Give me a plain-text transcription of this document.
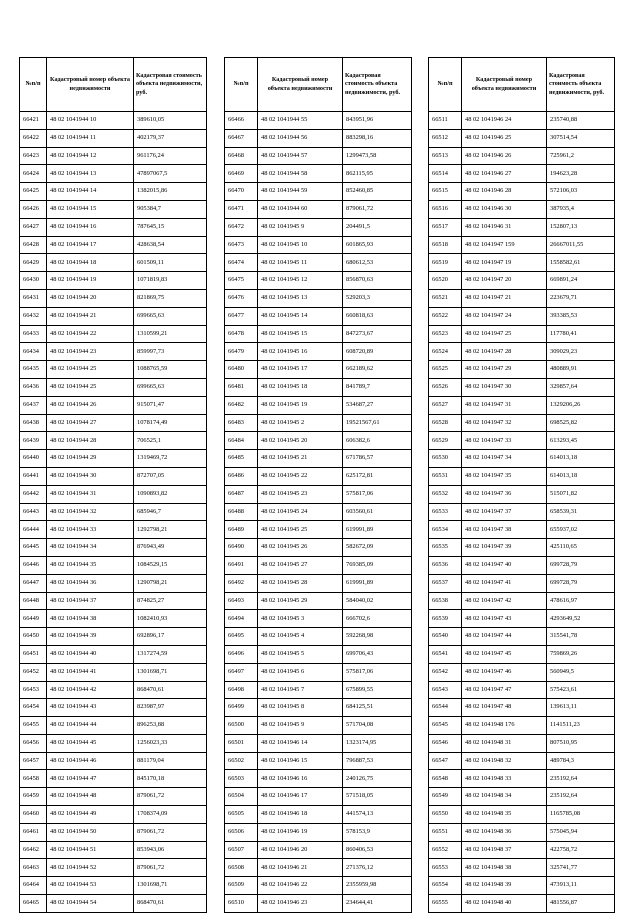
№п/п	Кадастровый номер объекта недвижимости	Кадастровая стоимость объекта недвижимости, руб.
66421	48 02 1041944 10	389610,05
66422	48 02 1041944 11	402179,37
66423	48 02 1041944 12	961176,24
66424	48 02 1041944 13	47897067,5
66425	48 02 1041944 14	1382015,86
66426	48 02 1041944 15	905384,7
66427	48 02 1041944 16	787645,15
66428	48 02 1041944 17	428638,54
66429	48 02 1041944 18	601509,11
66430	48 02 1041944 19	1071819,83
66431	48 02 1041944 20	821869,75
66432	48 02 1041944 21	699665,63
66433	48 02 1041944 22	1310599,21
66434	48 02 1041944 23	859997,73
66435	48 02 1041944 25	1088765,59
66436	48 02 1041944 25	699665,63
66437	48 02 1041944 26	915071,47
66438	48 02 1041944 27	1078174,49
66439	48 02 1041944 28	706525,1
66440	48 02 1041944 29	1319469,72
66441	48 02 1041944 30	872707,05
66442	48 02 1041944 31	1090893,82
66443	48 02 1041944 32	685946,7
66444	48 02 1041944 33	1292798,21
66445	48 02 1041944 34	876943,49
66446	48 02 1041944 35	1084529,15
66447	48 02 1041944 36	1290798,21
66448	48 02 1041944 37	874825,27
66449	48 02 1041944 38	1082410,93
66450	48 02 1041944 39	692896,17
66451	48 02 1041944 40	1317274,59
66452	48 02 1041944 41	1301698,71
66453	48 02 1041944 42	868470,61
66454	48 02 1041944 43	823987,97
66455	48 02 1041944 44	896253,88
66456	48 02 1041944 45	1256023,33
66457	48 02 1041944 46	881179,04
66458	48 02 1041944 47	845170,18
66459	48 02 1041944 48	879061,72
66460	48 02 1041944 49	1708374,09
66461	48 02 1041944 50	879061,72
66462	48 02 1041944 51	853943,06
66463	48 02 1041944 52	879061,72
66464	48 02 1041944 53	1301698,71
66465	48 02 1041944 54	868470,61
№п/п	Кадастровый номер объекта недвижимости	Кадастровая стоимость объекта недвижимости, руб.
66466	48 02 1041944 55	843951,96
66467	48 02 1041944 56	883298,16
66468	48 02 1041944 57	1299473,58
66469	48 02 1041944 58	862115,95
66470	48 02 1041944 59	852460,85
66471	48 02 1041944 60	879061,72
66472	48 02 1041945 9	204491,5
66473	48 02 1041945 10	601865,93
66474	48 02 1041945 11	680612,53
66475	48 02 1041945 12	856870,63
66476	48 02 1041945 13	529203,3
66477	48 02 1041945 14	660818,63
66478	48 02 1041945 15	847273,67
66479	48 02 1041945 16	608720,89
66480	48 02 1041945 17	662189,62
66481	48 02 1041945 18	841789,7
66482	48 02 1041945 19	534687,27
66483	48 02 1041945 2	19521567,61
66484	48 02 1041945 20	606382,6
66485	48 02 1041945 21	671786,57
66486	48 02 1041945 22	625172,81
66487	48 02 1041945 23	575817,06
66488	48 02 1041945 24	603560,61
66489	48 02 1041945 25	619991,89
66490	48 02 1041945 26	582672,09
66491	48 02 1041945 27	769385,09
66492	48 02 1041945 28	619991,89
66493	48 02 1041945 29	584040,02
66494	48 02 1041945 3	666702,6
66495	48 02 1041945 4	592268,98
66496	48 02 1041945 5	699706,43
66497	48 02 1041945 6	575817,06
66498	48 02 1041945 7	675899,55
66499	48 02 1041945 8	684125,51
66500	48 02 1041945 9	571704,08
66501	48 02 1041946 14	1323174,95
66502	48 02 1041946 15	796887,53
66503	48 02 1041946 16	240126,75
66504	48 02 1041946 17	571518,05
66505	48 02 1041946 18	441574,13
66506	48 02 1041946 19	578153,9
66507	48 02 1041946 20	860406,53
66508	48 02 1041946 21	271376,12
66509	48 02 1041946 22	2355959,98
66510	48 02 1041946 23	234644,41
№п/п	Кадастровый номер объекта недвижимости	Кадастровая стоимость объекта недвижимости, руб.
66511	48 02 1041946 24	235740,88
66512	48 02 1041946 25	307514,54
66513	48 02 1041946 26	725961,2
66514	48 02 1041946 27	194623,28
66515	48 02 1041946 28	572106,03
66516	48 02 1041946 30	387935,4
66517	48 02 1041946 31	152807,13
66518	48 02 1041947 159	26667011,55
66519	48 02 1041947 19	1558582,61
66520	48 02 1041947 20	669891,24
66521	48 02 1041947 21	223679,71
66522	48 02 1041947 24	393385,53
66523	48 02 1041947 25	117780,41
66524	48 02 1041947 28	309029,23
66525	48 02 1041947 29	480889,91
66526	48 02 1041947 30	329857,64
66527	48 02 1041947 31	1329206,26
66528	48 02 1041947 32	698525,82
66529	48 02 1041947 33	613293,45
66530	48 02 1041947 34	614013,18
66531	48 02 1041947 35	614013,18
66532	48 02 1041947 36	515071,82
66533	48 02 1041947 37	658539,31
66534	48 02 1041947 38	655937,02
66535	48 02 1041947 39	425110,65
66536	48 02 1041947 40	699728,79
66537	48 02 1041947 41	699728,79
66538	48 02 1041947 42	478616,97
66539	48 02 1041947 43	4293649,52
66540	48 02 1041947 44	315541,78
66541	48 02 1041947 45	759869,26
66542	48 02 1041947 46	560949,5
66543	48 02 1041947 47	575423,61
66544	48 02 1041947 48	139613,11
66545	48 02 1041948 176	1141511,23
66546	48 02 1041948 31	807510,95
66547	48 02 1041948 32	489784,3
66548	48 02 1041948 33	235192,64
66549	48 02 1041948 34	235192,64
66550	48 02 1041948 35	1165785,08
66551	48 02 1041948 36	575045,94
66552	48 02 1041948 37	422758,72
66553	48 02 1041948 38	325741,77
66554	48 02 1041948 39	473913,11
66555	48 02 1041948 40	481556,87
